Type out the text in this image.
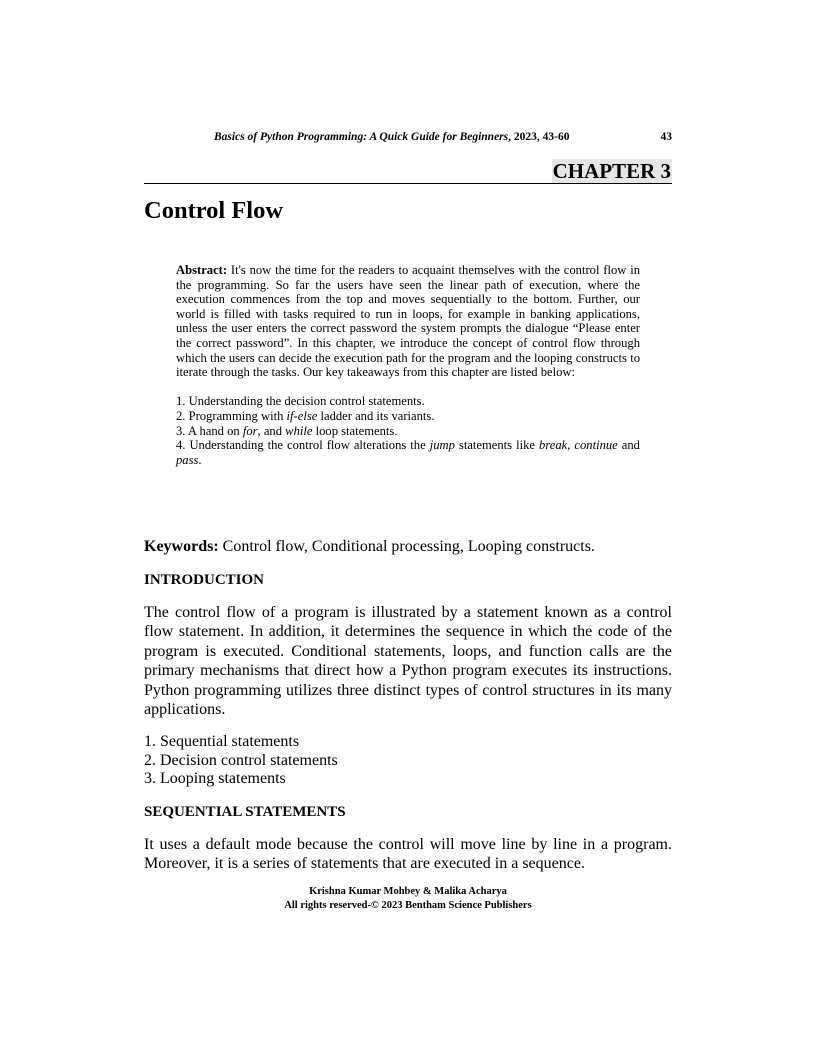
Basics of Python Programming: A Quick Guide for Beginners, 2023, 43-60	43
CHAPTER 3
Control Flow

Abstract: It's now the time for the readers to acquaint themselves with the control flow in the programming. So far the users have seen the linear path of execution, where the execution commences from the top and moves sequentially to the bottom. Further, our world is filled with tasks required to run in loops, for example in banking applications, unless the user enters the correct password the system prompts the dialogue “Please enter the correct password”. In this chapter, we introduce the concept of control flow through which the users can decide the execution path for the program and the looping constructs to iterate through the tasks. Our key takeaways from this chapter are listed below:

1. Understanding the decision control statements.
2. Programming with if-else ladder and its variants.
3. A hand on for, and while loop statements.
4. Understanding the control flow alterations the jump statements like break, continue and pass.
Keywords: Control flow, Conditional processing, Looping constructs.
INTRODUCTION

The control flow of a program is illustrated by a statement known as a control flow statement. In addition, it determines the sequence in which the code of the program is executed. Conditional statements, loops, and function calls are the primary mechanisms that direct how a Python program executes its instructions. Python programming utilizes three distinct types of control structures in its many applications.

1. Sequential statements
2. Decision control statements
3. Looping statements
SEQUENTIAL STATEMENTS

It uses a default mode because the control will move line by line in a program. Moreover, it is a series of statements that are executed in a sequence.

Krishna Kumar Mohbey & Malika Acharya
All rights reserved-© 2023 Bentham Science Publishers
